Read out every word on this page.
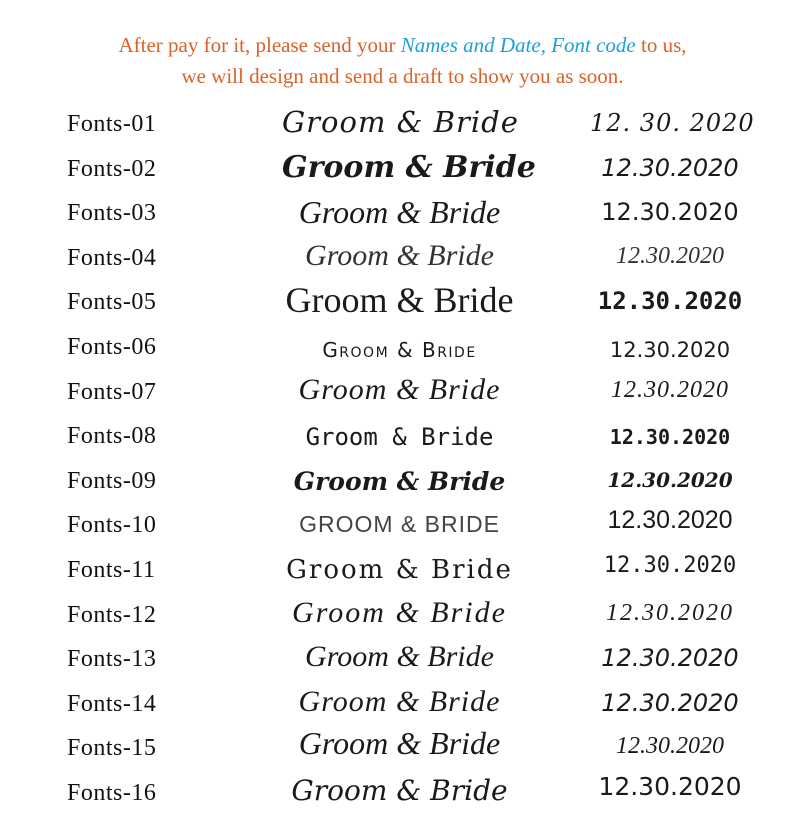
After pay for it, please send your Names and Date, Font code to us,
we will design and send a draft to show you as soon.
Fonts-01	Groom & Bride	12. 30. 2020
Fonts-02	Groom & Bride	12.30.2020
Fonts-03	Groom & Bride	12.30.2020
Fonts-04	Groom & Bride	12.30.2020
Fonts-05	Groom & Bride	12.30.2020
Fonts-06	Groom & Bride	12.30.2020
Fonts-07	Groom & Bride	12.30.2020
Fonts-08	Groom & Bride	12.30.2020
Fonts-09	Groom & Bride	12.30.2020
Fonts-10	GROOM & BRIDE	12.30.2020
Fonts-11	Groom & Bride	12.30.2020
Fonts-12	Groom & Bride	12.30.2020
Fonts-13	Groom & Bride	12.30.2020
Fonts-14	Groom & Bride	12.30.2020
Fonts-15	Groom & Bride	12.30.2020
Fonts-16	Groom & Bride	12.30.2020
